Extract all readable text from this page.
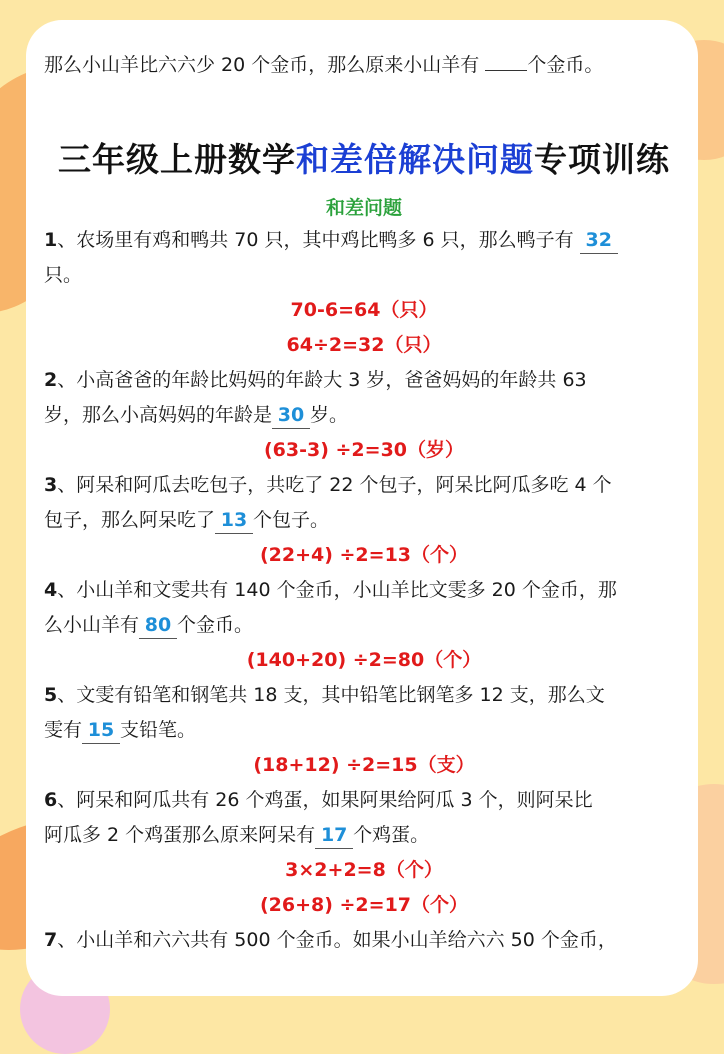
那么小山羊比六六少 20 个金币，那么原来小山羊有	个金币。
三年级上册数学和差倍解决问题专项训练
和差问题
1、农场里有鸡和鸭共 70 只，其中鸡比鸭多 6 只，那么鸭子有 32
只。
70-6=64（只）
64÷2=32（只）
2、小高爸爸的年龄比妈妈的年龄大 3 岁，爸爸妈妈的年龄共 63
岁，那么小高妈妈的年龄是 30 岁。
(63-3) ÷2=30（岁）
3、阿呆和阿瓜去吃包子，共吃了 22 个包子，阿呆比阿瓜多吃 4 个
包子，那么阿呆吃了 13 个包子。
(22+4) ÷2=13（个）
4、小山羊和文雯共有 140 个金币，小山羊比文雯多 20 个金币，那
么小山羊有 80 个金币。
(140+20) ÷2=80（个）
5、文雯有铅笔和钢笔共 18 支，其中铅笔比钢笔多 12 支，那么文
雯有 15 支铅笔。
(18+12) ÷2=15（支）
6、阿呆和阿瓜共有 26 个鸡蛋，如果阿果给阿瓜 3 个，则阿呆比
阿瓜多 2 个鸡蛋那么原来阿呆有 17 个鸡蛋。
3×2+2=8（个）
(26+8) ÷2=17（个）
7、小山羊和六六共有 500 个金币。如果小山羊给六六 50 个金币，
